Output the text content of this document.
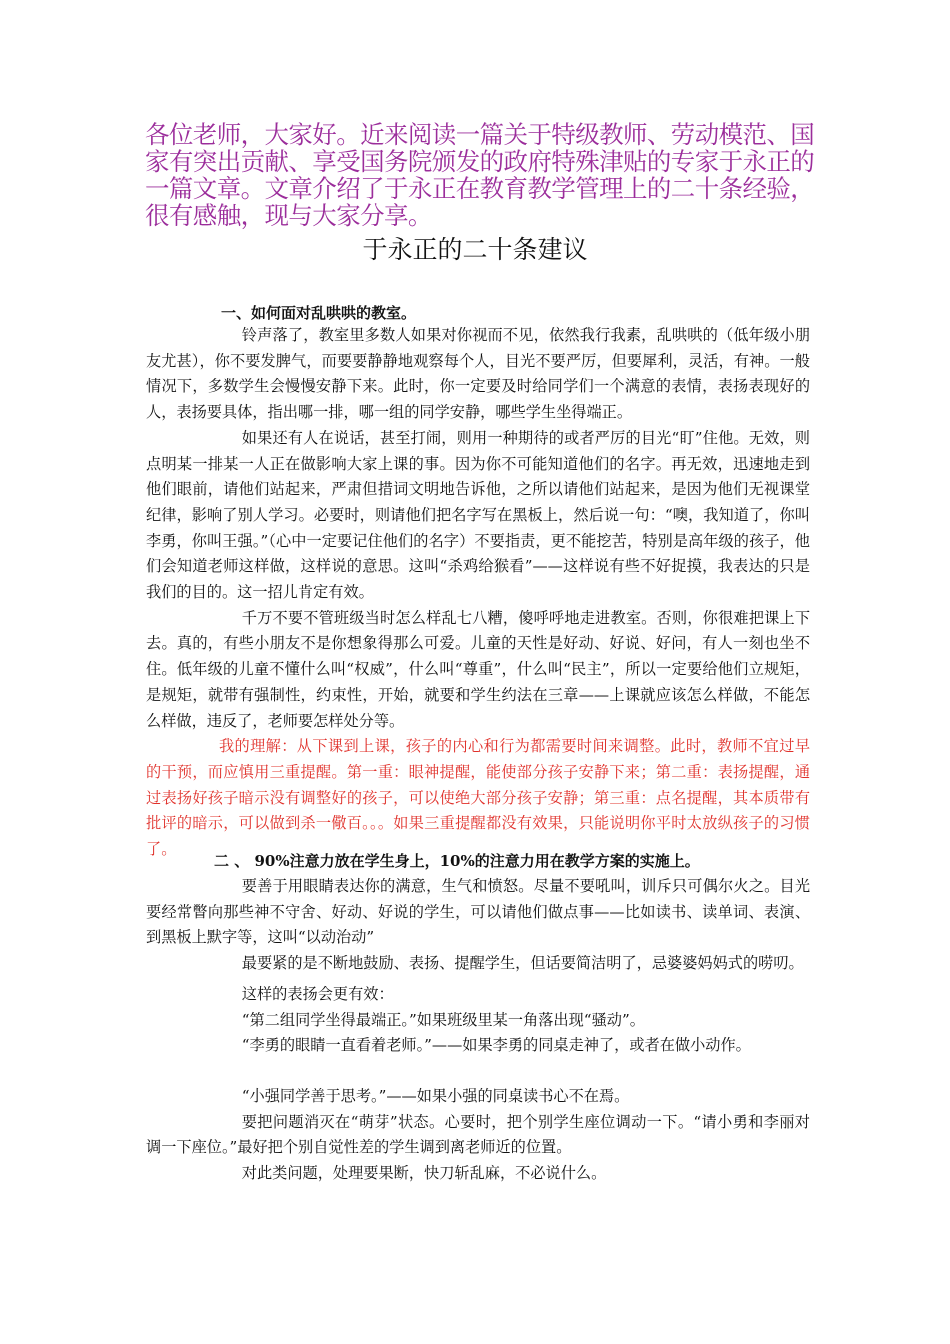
各位老师，大家好。近来阅读一篇关于特级教师、劳动模范、国家有突出贡献、享受国务院颁发的政府特殊津贴的专家于永正的一篇文章。文章介绍了于永正在教育教学管理上的二十条经验，很有感触，现与大家分享。
于永正的二十条建议
一、如何面对乱哄哄的教室。

铃声落了，教室里多数人如果对你视而不见，依然我行我素，乱哄哄的（低年级小朋友尤甚），你不要发脾气，而要要静静地观察每个人，目光不要严厉，但要犀利，灵活，有神。一般情况下，多数学生会慢慢安静下来。此时，你一定要及时给同学们一个满意的表情，表扬表现好的人，表扬要具体，指出哪一排，哪一组的同学安静，哪些学生坐得端正。

如果还有人在说话，甚至打闹，则用一种期待的或者严厉的目光“盯”住他。无效，则点明某一排某一人正在做影响大家上课的事。因为你不可能知道他们的名字。再无效，迅速地走到他们眼前，请他们站起来，严肃但措词文明地告诉他，之所以请他们站起来，是因为他们无视课堂纪律，影响了别人学习。必要时，则请他们把名字写在黑板上，然后说一句：“噢，我知道了，你叫李勇，你叫王强。”（心中一定要记住他们的名字）不要指责，更不能挖苦，特别是高年级的孩子，他们会知道老师这样做，这样说的意思。这叫“杀鸡给猴看”——这样说有些不好捉摸，我表达的只是我们的目的。这一招儿肯定有效。

千万不要不管班级当时怎么样乱七八糟，傻呼呼地走进教室。否则，你很难把课上下去。真的，有些小朋友不是你想象得那么可爱。儿童的天性是好动、好说、好问，有人一刻也坐不住。低年级的儿童不懂什么叫“权威”，什么叫“尊重”，什么叫“民主”，所以一定要给他们立规矩，是规矩，就带有强制性，约束性，开始，就要和学生约法在三章——上课就应该怎么样做，不能怎么样做，违反了，老师要怎样处分等。

我的理解：从下课到上课，孩子的内心和行为都需要时间来调整。此时，教师不宜过早的干预，而应慎用三重提醒。第一重：眼神提醒，能使部分孩子安静下来；第二重：表扬提醒，通过表扬好孩子暗示没有调整好的孩子，可以使绝大部分孩子安静；第三重：点名提醒，其本质带有批评的暗示，可以做到杀一儆百。。。如果三重提醒都没有效果，只能说明你平时太放纵孩子的习惯了。

二 、 90%注意力放在学生身上，10%的注意力用在教学方案的实施上。

要善于用眼睛表达你的满意，生气和愤怒。尽量不要吼叫，训斥只可偶尔火之。目光要经常瞥向那些神不守舍、好动、好说的学生，可以请他们做点事——比如读书、读单词、表演、到黑板上默字等，这叫“以动治动”

最要紧的是不断地鼓励、表扬、提醒学生，但话要简洁明了，忌婆婆妈妈式的唠叨。

这样的表扬会更有效：

“第二组同学坐得最端正。”如果班级里某一角落出现“骚动”。

“李勇的眼睛一直看着老师。”——如果李勇的同桌走神了，或者在做小动作。

“小强同学善于思考。”——如果小强的同桌读书心不在焉。

要把问题消灭在“萌芽”状态。心要时，把个别学生座位调动一下。“请小勇和李丽对调一下座位。”最好把个别自觉性差的学生调到离老师近的位置。

对此类问题，处理要果断，快刀斩乱麻，不必说什么。
